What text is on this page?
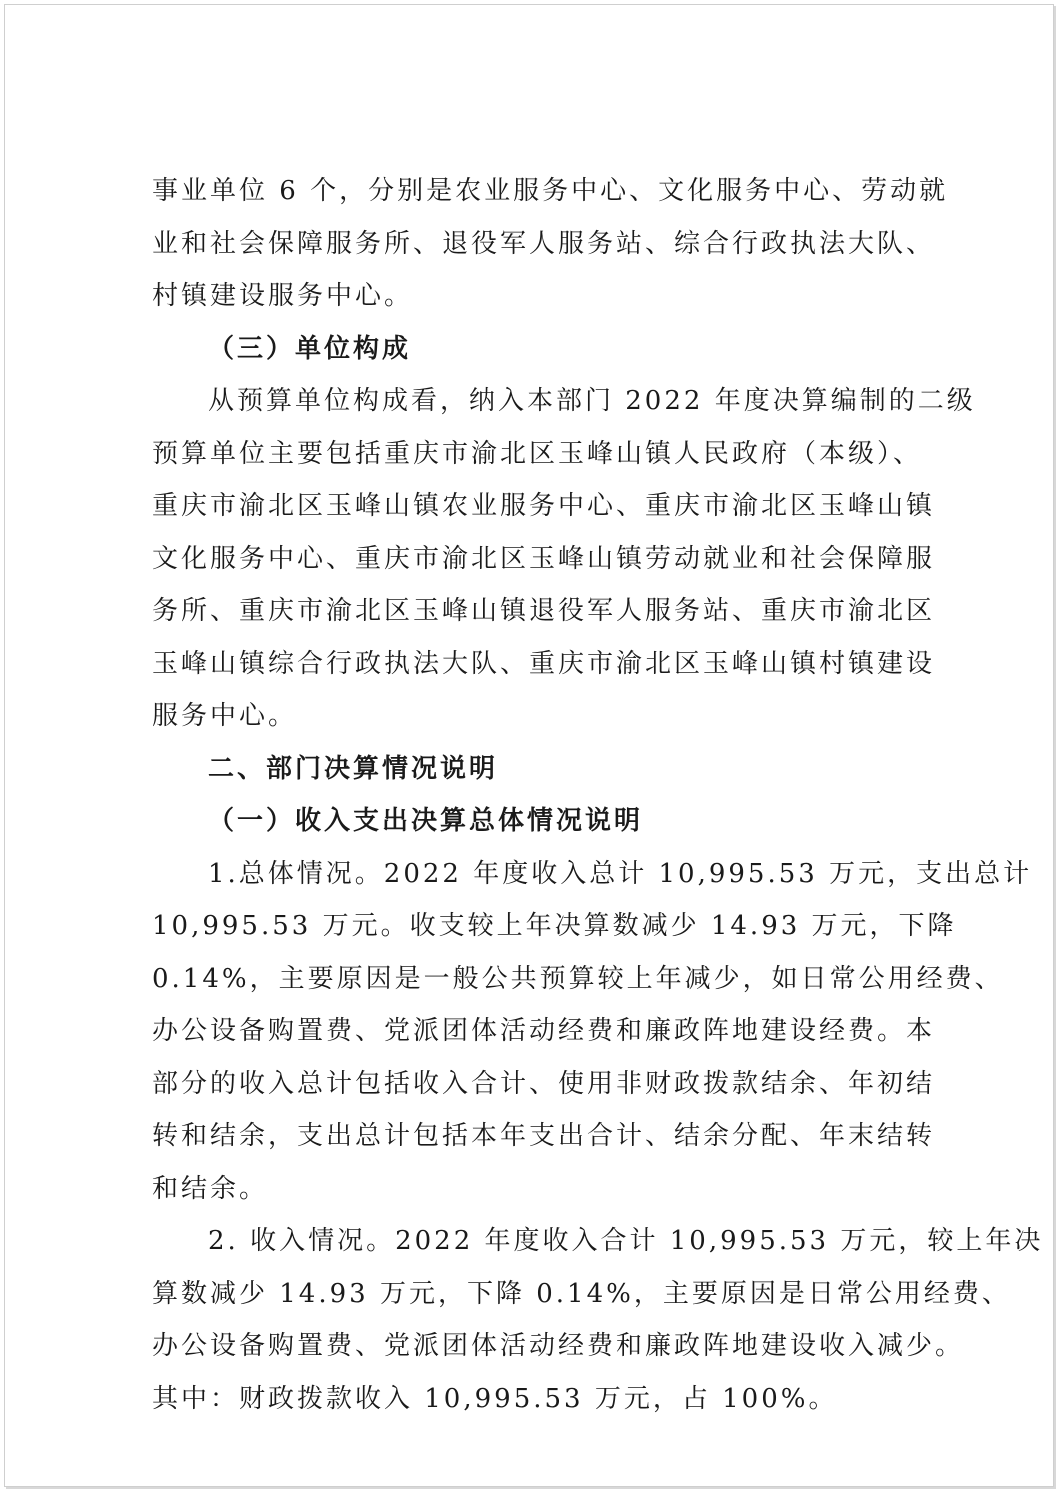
事业单位 6 个，分别是农业服务中心、文化服务中心、劳动就
业和社会保障服务所、退役军人服务站、综合行政执法大队、
村镇建设服务中心。
（三）单位构成
从预算单位构成看，纳入本部门 2022 年度决算编制的二级
预算单位主要包括重庆市渝北区玉峰山镇人民政府（本级）、
重庆市渝北区玉峰山镇农业服务中心、重庆市渝北区玉峰山镇
文化服务中心、重庆市渝北区玉峰山镇劳动就业和社会保障服
务所、重庆市渝北区玉峰山镇退役军人服务站、重庆市渝北区
玉峰山镇综合行政执法大队、重庆市渝北区玉峰山镇村镇建设
服务中心。
二、部门决算情况说明
（一）收入支出决算总体情况说明
1.总体情况。2022 年度收入总计 10,995.53 万元，支出总计
10,995.53 万元。收支较上年决算数减少 14.93 万元，下降
0.14%，主要原因是一般公共预算较上年减少，如日常公用经费、
办公设备购置费、党派团体活动经费和廉政阵地建设经费。本
部分的收入总计包括收入合计、使用非财政拨款结余、年初结
转和结余，支出总计包括本年支出合计、结余分配、年末结转
和结余。
2. 收入情况。2022 年度收入合计 10,995.53 万元，较上年决
算数减少 14.93 万元，下降 0.14%，主要原因是日常公用经费、
办公设备购置费、党派团体活动经费和廉政阵地建设收入减少。
其中：财政拨款收入 10,995.53 万元，占 100%。
